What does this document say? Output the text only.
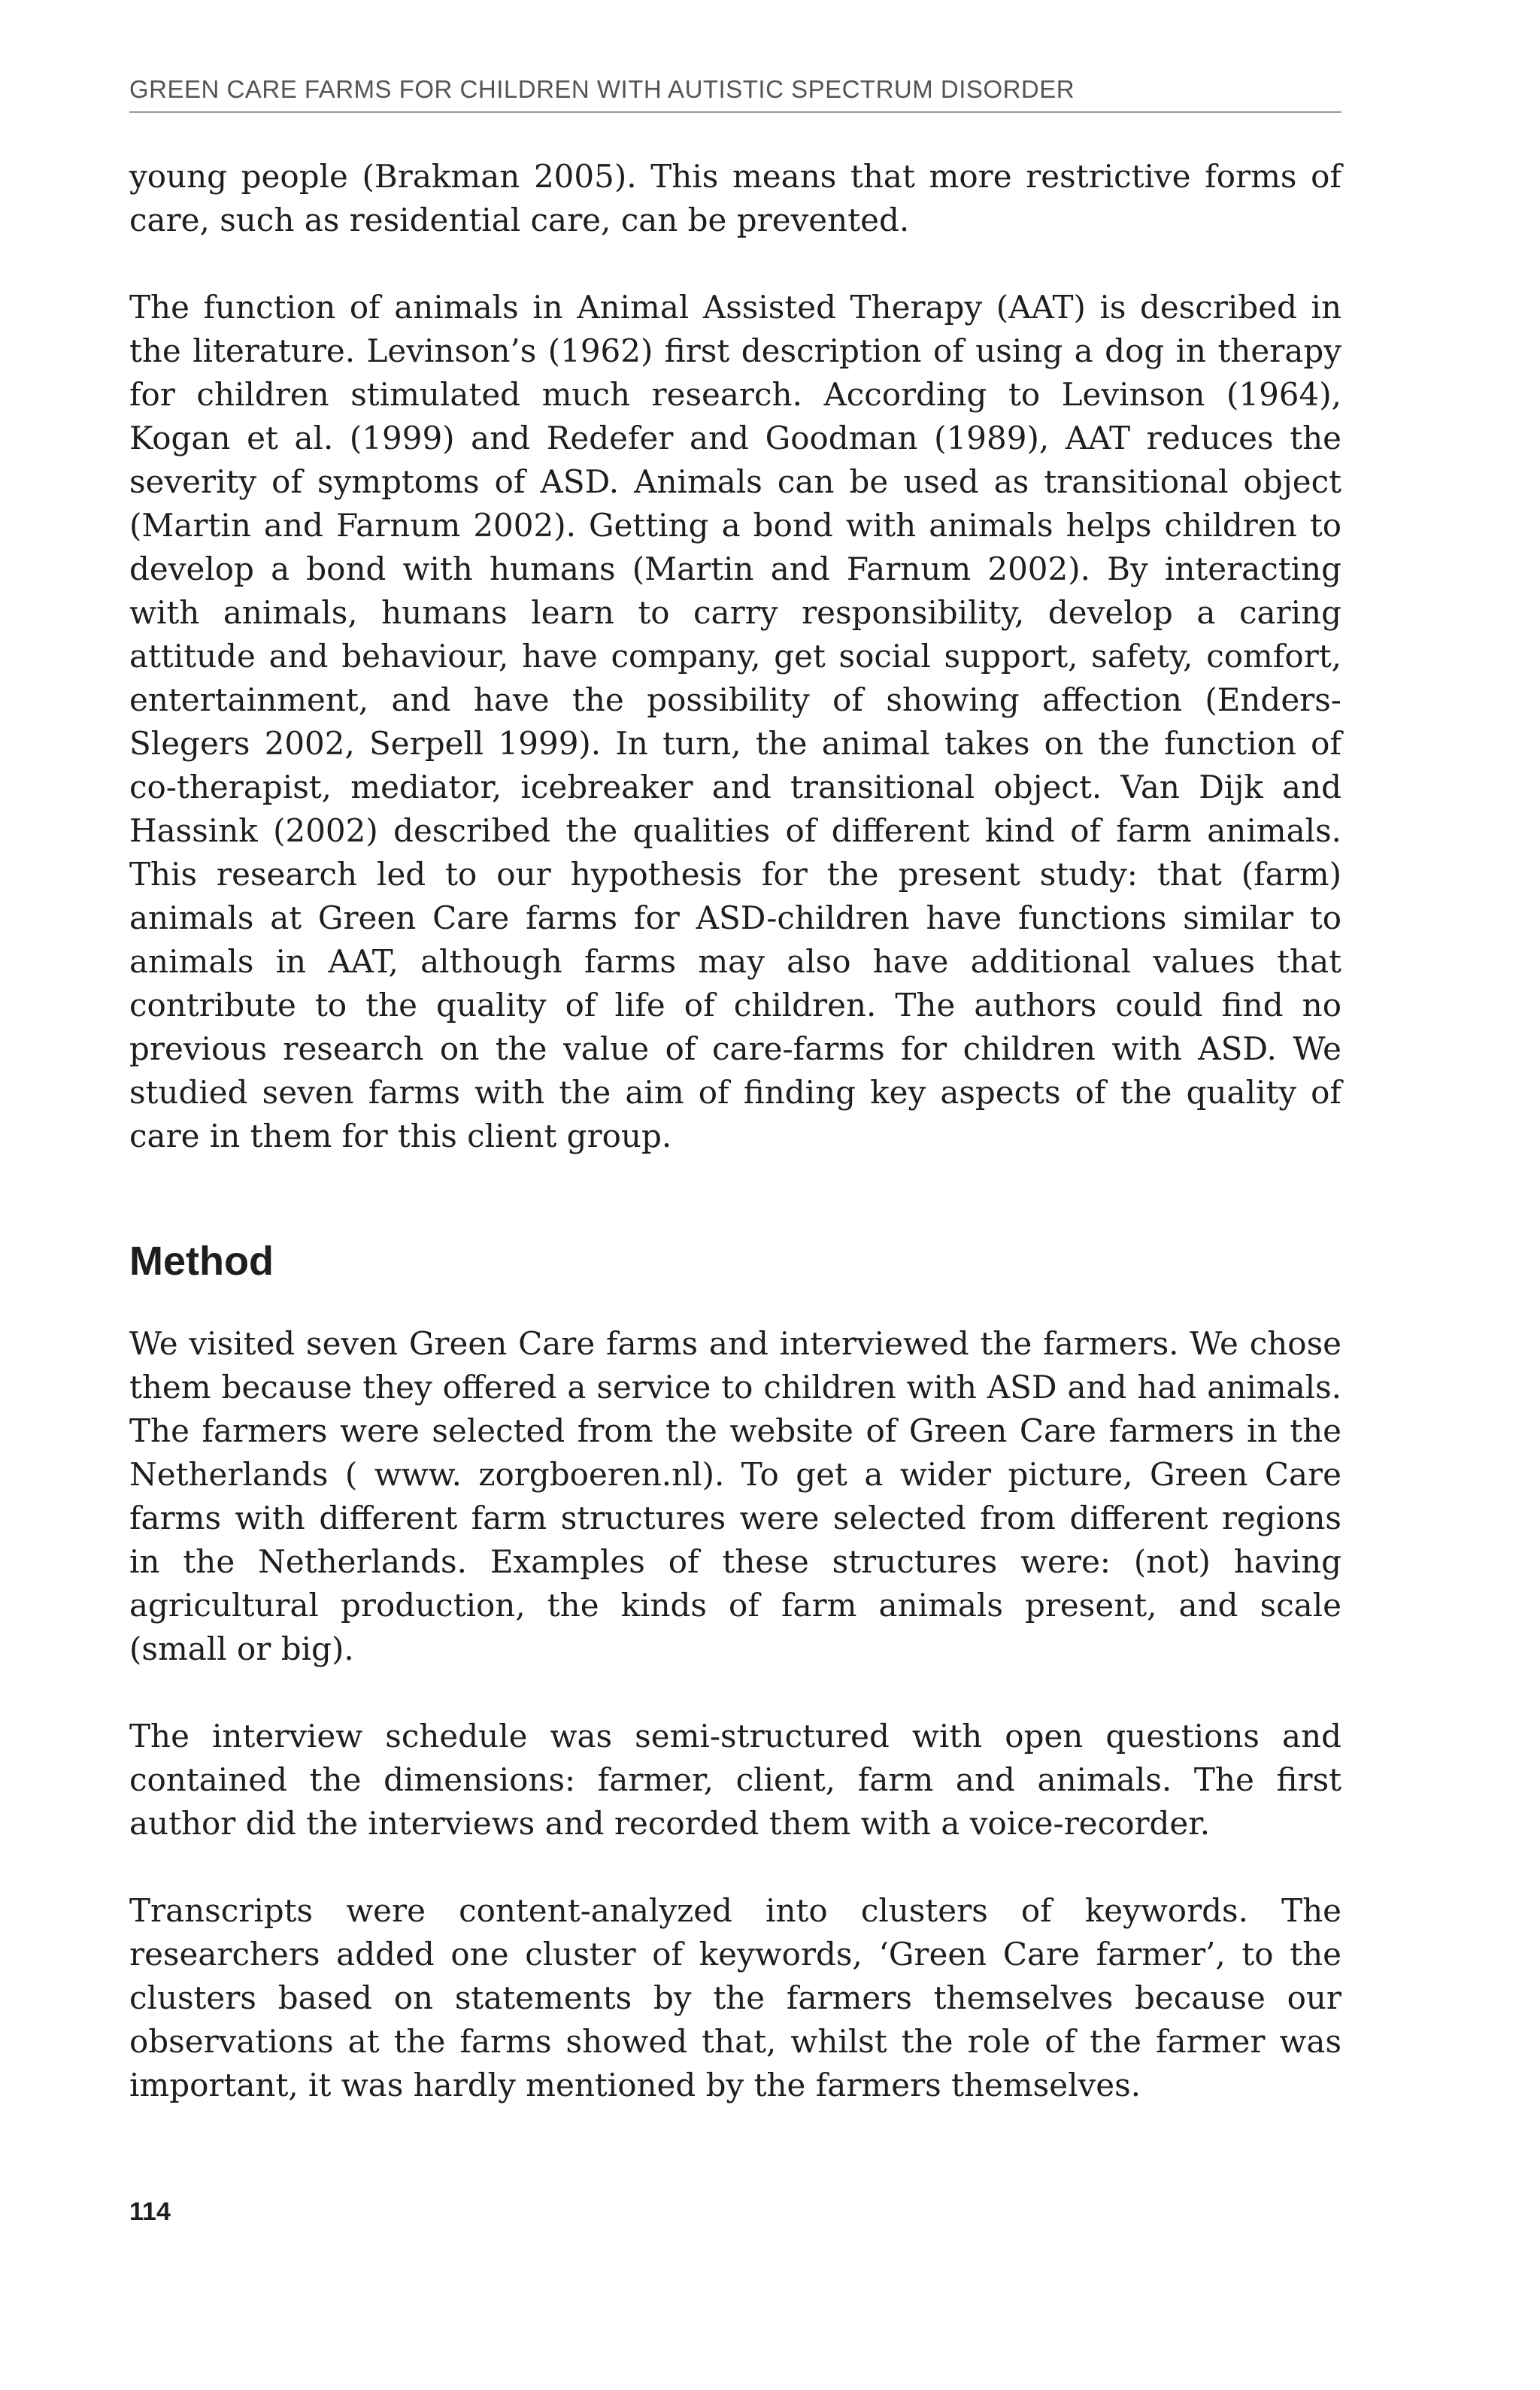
GREEN CARE FARMS FOR CHILDREN WITH AUTISTIC SPECTRUM DISORDER

young people (Brakman 2005). This means that more restrictive forms of care, such as residential care, can be prevented.

The function of animals in Animal Assisted Therapy (AAT) is described in the literature. Levinson’s (1962) first description of using a dog in therapy for children stimulated much research. According to Levinson (1964), Kogan et al. (1999) and Redefer and Goodman (1989), AAT reduces the severity of symptoms of ASD. Animals can be used as transitional object (Martin and Farnum 2002). Getting a bond with animals helps children to develop a bond with humans (Martin and Farnum 2002). By interacting with animals, humans learn to carry responsibility, develop a caring attitude and behaviour, have company, get social support, safety, comfort, entertainment, and have the possibility of showing affection (Enders-Slegers 2002, Serpell 1999). In turn, the animal takes on the function of co-therapist, mediator, icebreaker and transitional object. Van Dijk and Hassink (2002) described the qualities of different kind of farm animals. This research led to our hypothesis for the present study: that (farm) animals at Green Care farms for ASD-children have functions similar to animals in AAT, although farms may also have additional values that contribute to the quality of life of children. The authors could find no previous research on the value of care-farms for children with ASD. We studied seven farms with the aim of finding key aspects of the quality of care in them for this client group.

Method

We visited seven Green Care farms and interviewed the farmers. We chose them because they offered a service to children with ASD and had animals. The farmers were selected from the website of Green Care farmers in the Netherlands ( www. zorgboeren.nl). To get a wider picture, Green Care farms with different farm structures were selected from different regions in the Netherlands. Examples of these structures were: (not) having agricultural production, the kinds of farm animals present, and scale (small or big).

The interview schedule was semi-structured with open questions and contained the dimensions: farmer, client, farm and animals. The first author did the interviews and recorded them with a voice-recorder.

Transcripts were content-analyzed into clusters of keywords. The researchers added one cluster of keywords, ‘Green Care farmer’, to the clusters based on statements by the farmers themselves because our observations at the farms showed that, whilst the role of the farmer was important, it was hardly mentioned by the farmers themselves.

114
